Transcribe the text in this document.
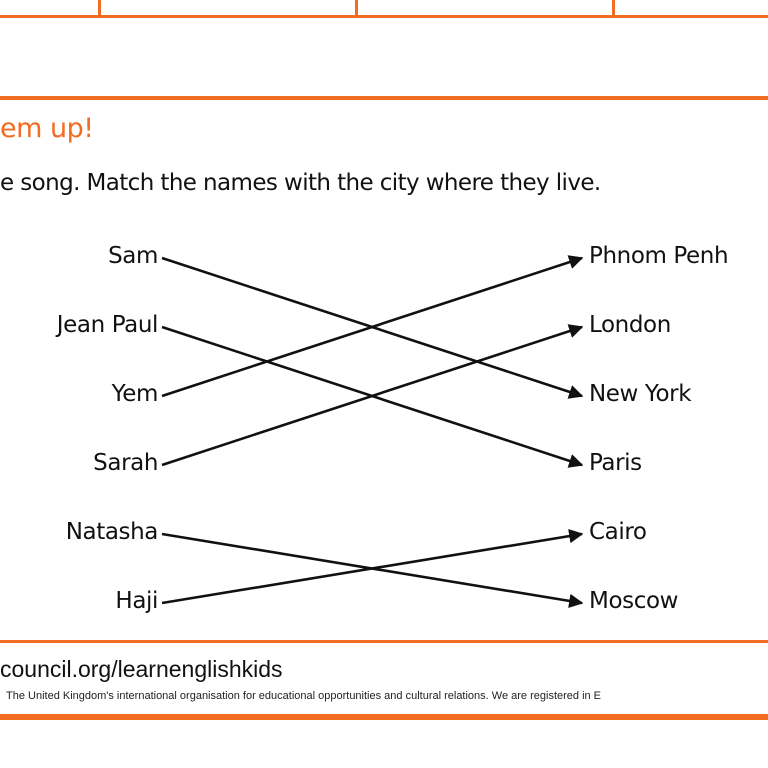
em up!
e song. Match the names with the city where they live.
Sam
Jean Paul
Yem
Sarah
Natasha
Haji
Phnom Penh
London
New York
Paris
Cairo
Moscow
council.org/learnenglishkids
The United Kingdom's international organisation for educational opportunities and cultural relations. We are registered in E
